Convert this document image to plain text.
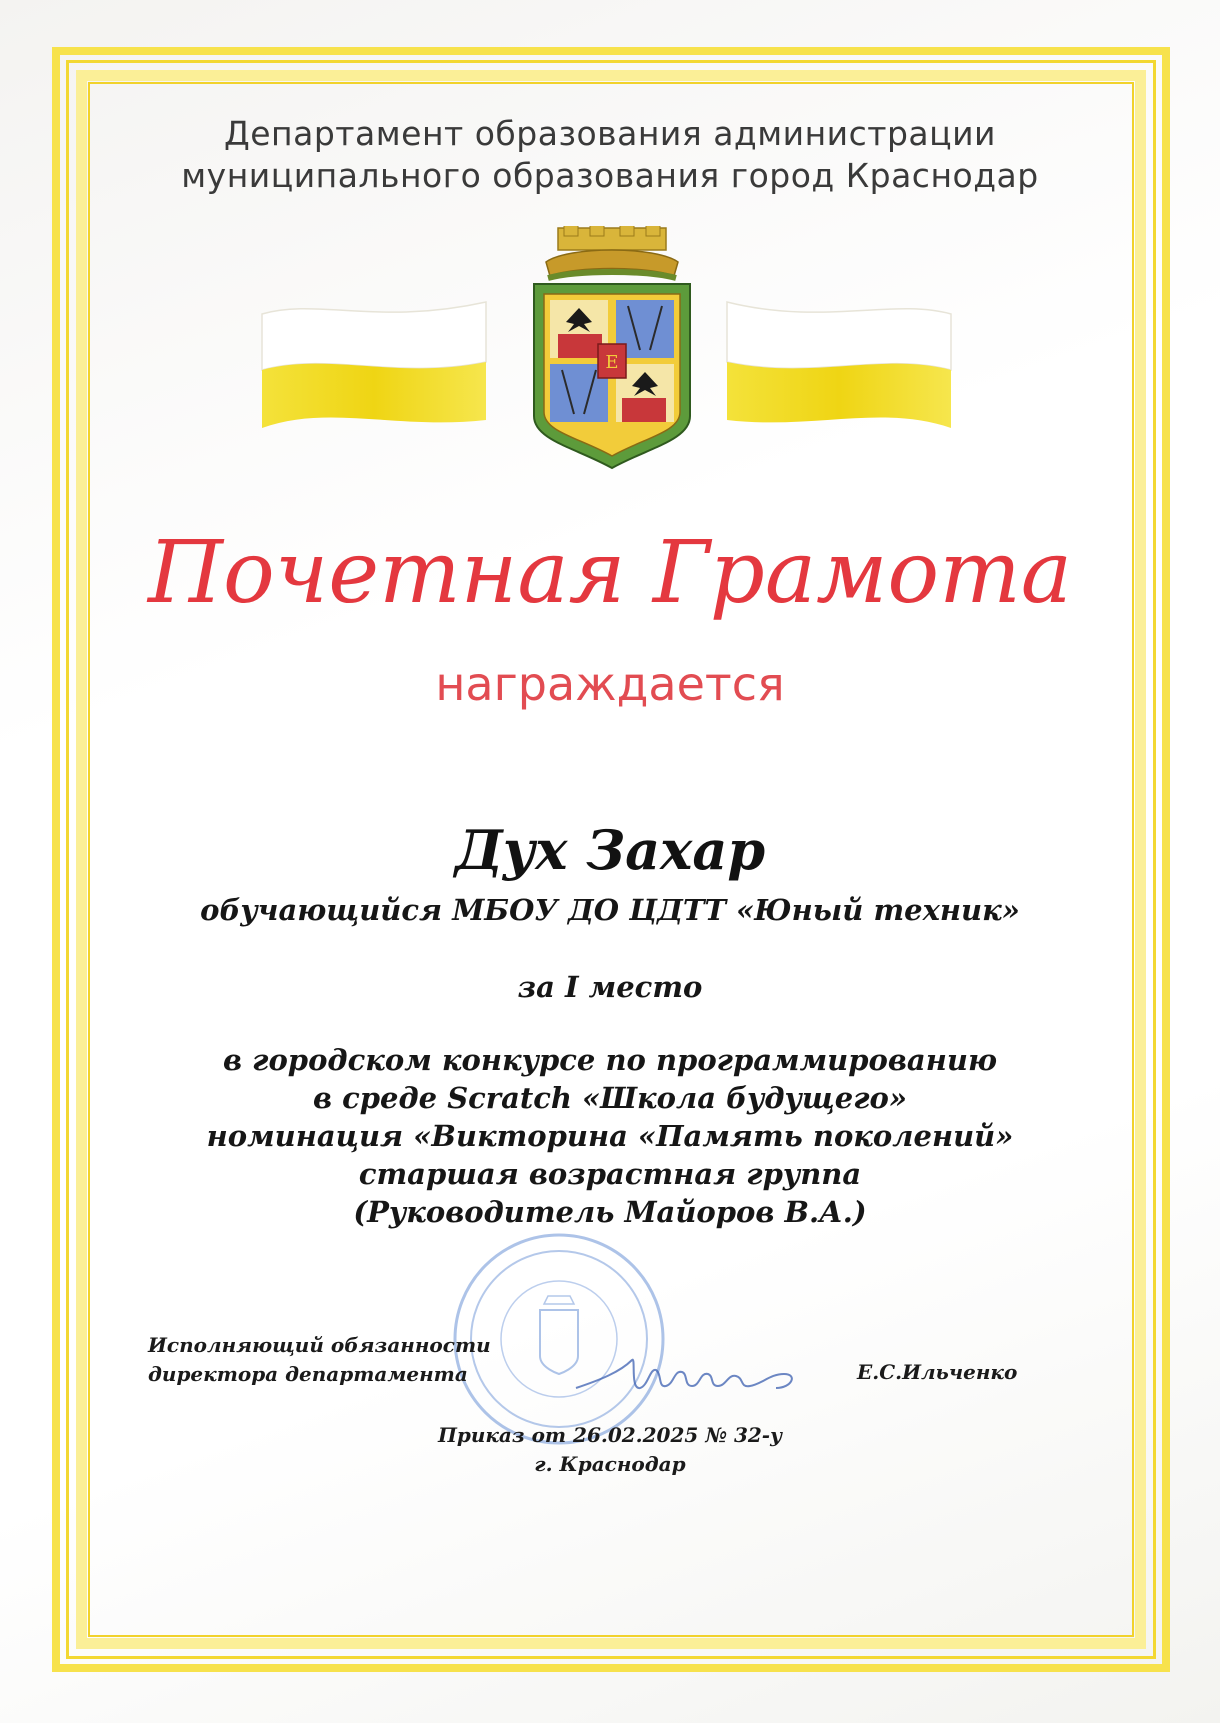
Департамент образования администрации
муниципального образования город Краснодар
Е
Почетная Грамота
награждается
Дух Захар
обучающийся МБОУ ДО ЦДТТ «Юный техник»
за I место
в городском конкурсе по программированию
в среде Scratch «Школа будущего»
номинация «Викторина «Память поколений»
старшая возрастная группа
(Руководитель Майоров В.А.)
Исполняющий обязанности
директора департамента	Е.С.Ильченко
Приказ от 26.02.2025 № 32-у
г. Краснодар
